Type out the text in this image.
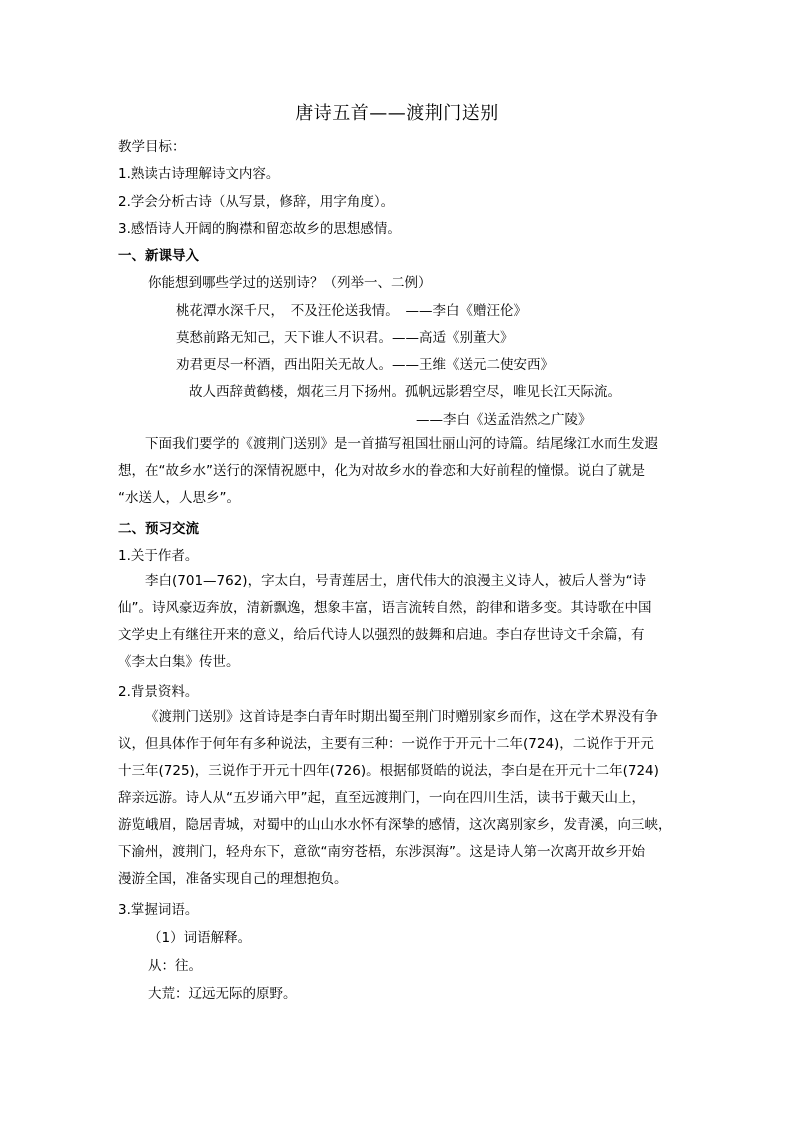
唐诗五首——渡荆门送别
教学目标：
1.熟读古诗理解诗文内容。
2.学会分析古诗（从写景，修辞，用字角度）。
3.感悟诗人开阔的胸襟和留恋故乡的思想感情。
一、新课导入
你能想到哪些学过的送别诗？（列举一、二例）
桃花潭水深千尺，　不及汪伦送我情。　——李白《赠汪伦》
莫愁前路无知己，天下谁人不识君。——高适《别董大》
劝君更尽一杯酒，西出阳关无故人。——王维《送元二使安西》
故人西辞黄鹤楼，烟花三月下扬州。孤帆远影碧空尽，唯见长江天际流。
——李白《送孟浩然之广陵》
下面我们要学的《渡荆门送别》是一首描写祖国壮丽山河的诗篇。结尾缘江水而生发遐
想，在“故乡水”送行的深情祝愿中，化为对故乡水的眷恋和大好前程的憧憬。说白了就是
“水送人，人思乡”。
二、预习交流
1.关于作者。
李白(701—762)，字太白，号青莲居士，唐代伟大的浪漫主义诗人，被后人誉为“诗
仙”。诗风豪迈奔放，清新飘逸，想象丰富，语言流转自然，韵律和谐多变。其诗歌在中国
文学史上有继往开来的意义，给后代诗人以强烈的鼓舞和启迪。李白存世诗文千余篇，有
《李太白集》传世。
2.背景资料。
《渡荆门送别》这首诗是李白青年时期出蜀至荆门时赠别家乡而作，这在学术界没有争
议，但具体作于何年有多种说法，主要有三种：一说作于开元十二年(724)，二说作于开元
十三年(725)，三说作于开元十四年(726)。根据郁贤皓的说法，李白是在开元十二年(724)
辞亲远游。诗人从“五岁诵六甲”起，直至远渡荆门，一向在四川生活，读书于戴天山上，
游览峨眉，隐居青城，对蜀中的山山水水怀有深挚的感情，这次离别家乡，发青溪，向三峡，
下渝州，渡荆门，轻舟东下，意欲“南穷苍梧，东涉溟海”。这是诗人第一次离开故乡开始
漫游全国，准备实现自己的理想抱负。
3.掌握词语。
（1）词语解释。
从：往。
大荒：辽远无际的原野。
